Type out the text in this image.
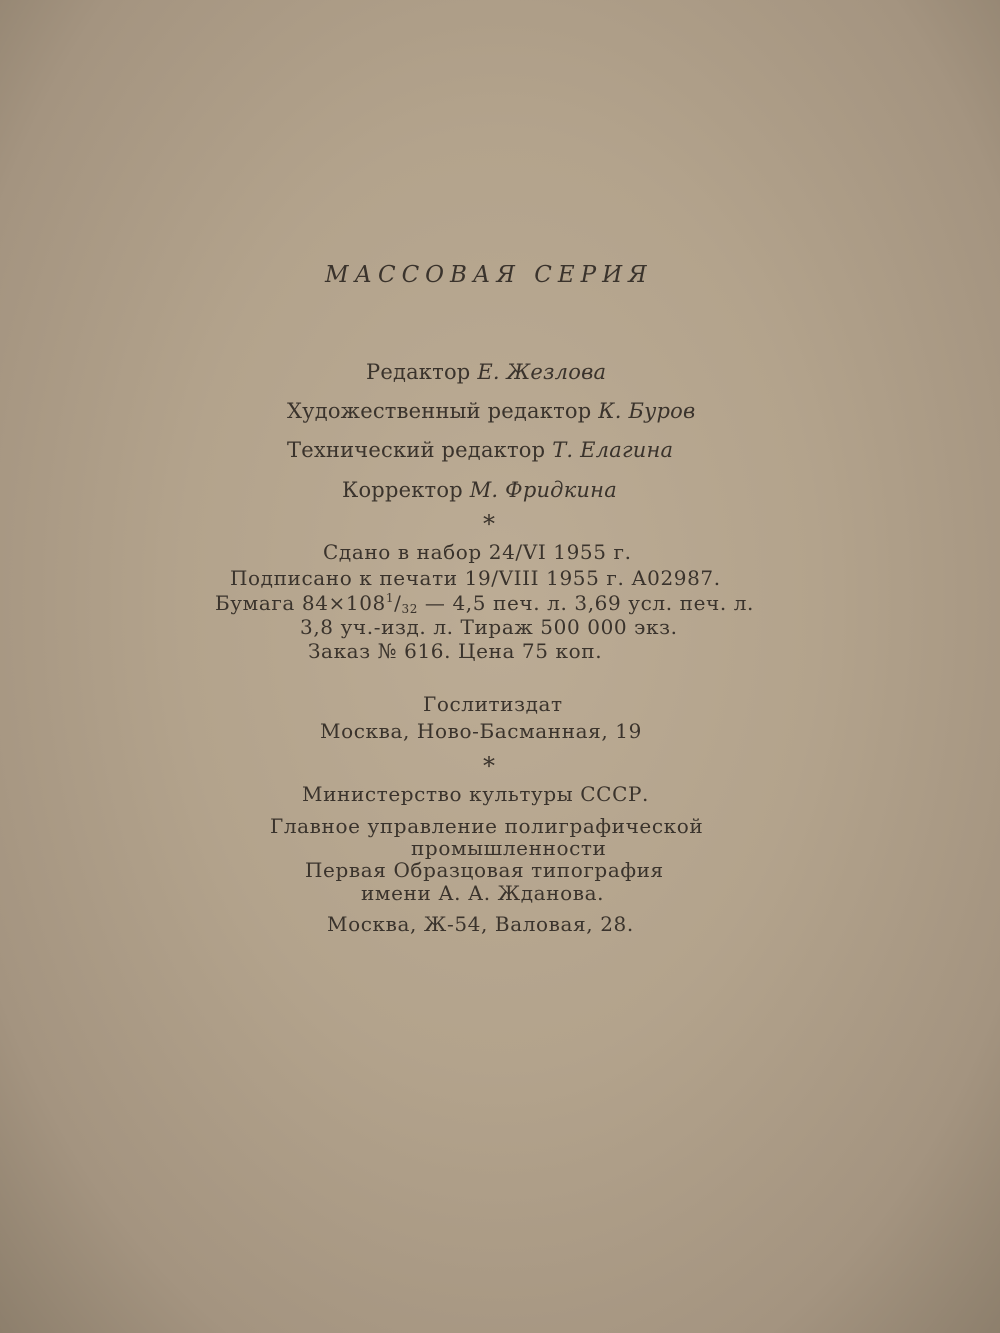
МАССОВАЯ СЕРИЯ
Редактор Е. Жезлова
Художественный редактор К. Буров
Технический редактор Т. Елагина
Корректор М. Фридкина
*
Сдано в набор 24/VI 1955 г.
Подписано к печати 19/VIII 1955 г. А02987.
Бумага $84\times 108^1/_{32}$ — 4,5 печ. л. 3,69 усл. печ. л.
3,8 уч.-изд. л. Тираж 500 000 экз.
Заказ № 616. Цена 75 коп.
Гослитиздат
Москва, Ново-Басманная, 19
*
Министерство культуры СССР.
Главное управление полиграфической
промышленности
Первая Образцовая типография
имени А. А. Жданова.
Москва, Ж-54, Валовая, 28.
